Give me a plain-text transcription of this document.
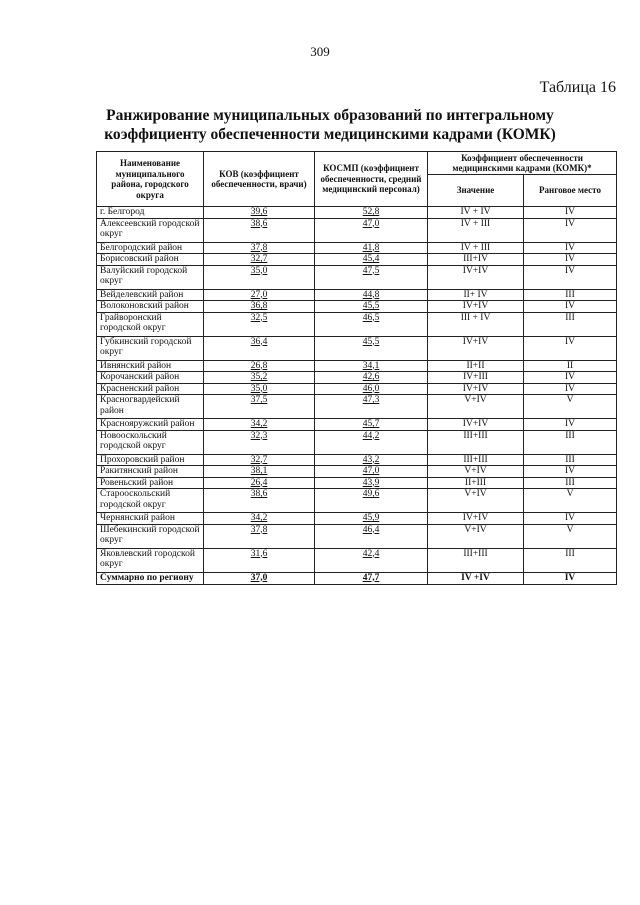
309
Таблица 16
Ранжирование муниципальных образований по интегральному коэффициенту обеспеченности медицинскими кадрами (КОМК)
Наименование муниципального района, городского округа	КОВ (коэффициент обеспеченности, врачи)	КОСМП (коэффициент обеспеченности, средний медицинский персонал)	Коэффициент обеспеченности медицинскими кадрами (КОМК)*	
			Значение	Ранговое место
г. Белгород	39,6	52,8	IV + IV	IV
Алексеевский городской округ	38,6	47,0	IV + III	IV
Белгородский район	37,8	41,8	IV + III	IV
Борисовский район	32,7	45,4	III+IV	IV
Валуйский городской округ	35,0	47,5	IV+IV	IV
Вейделевский район	27,0	44,8	II+ IV	III
Волоконовский район	36,8	45,5	IV+IV	IV
Грайворонский городской округ	32,5	46,5	III + IV	III
Губкинский городской округ	36,4	45,5	IV+IV	IV
Ивнянский район	26,8	34,1	II+II	II
Корочанский район	35,2	42,6	IV+III	IV
Красненский район	35,0	46,0	IV+IV	IV
Красногвардейский район	37,5	47,3	V+IV	V
Краснояружский район	34,2	45,7	IV+IV	IV
Новооскольский городской округ	32,3	44,2	III+III	III
Прохоровский район	32,7	43,2	III+III	III
Ракитянский район	38,1	47,0	V+IV	IV
Ровеньский район	26,4	43,9	II+III	III
Старооскольский городской округ	38,6	49,6	V+IV	V
Чернянский район	34,2	45,9	IV+IV	IV
Шебекинский городской округ	37,8	46,4	V+IV	V
Яковлевский городской округ	31,6	42,4	III+III	III
Суммарно по региону	37,0	47,7	IV +IV	IV
